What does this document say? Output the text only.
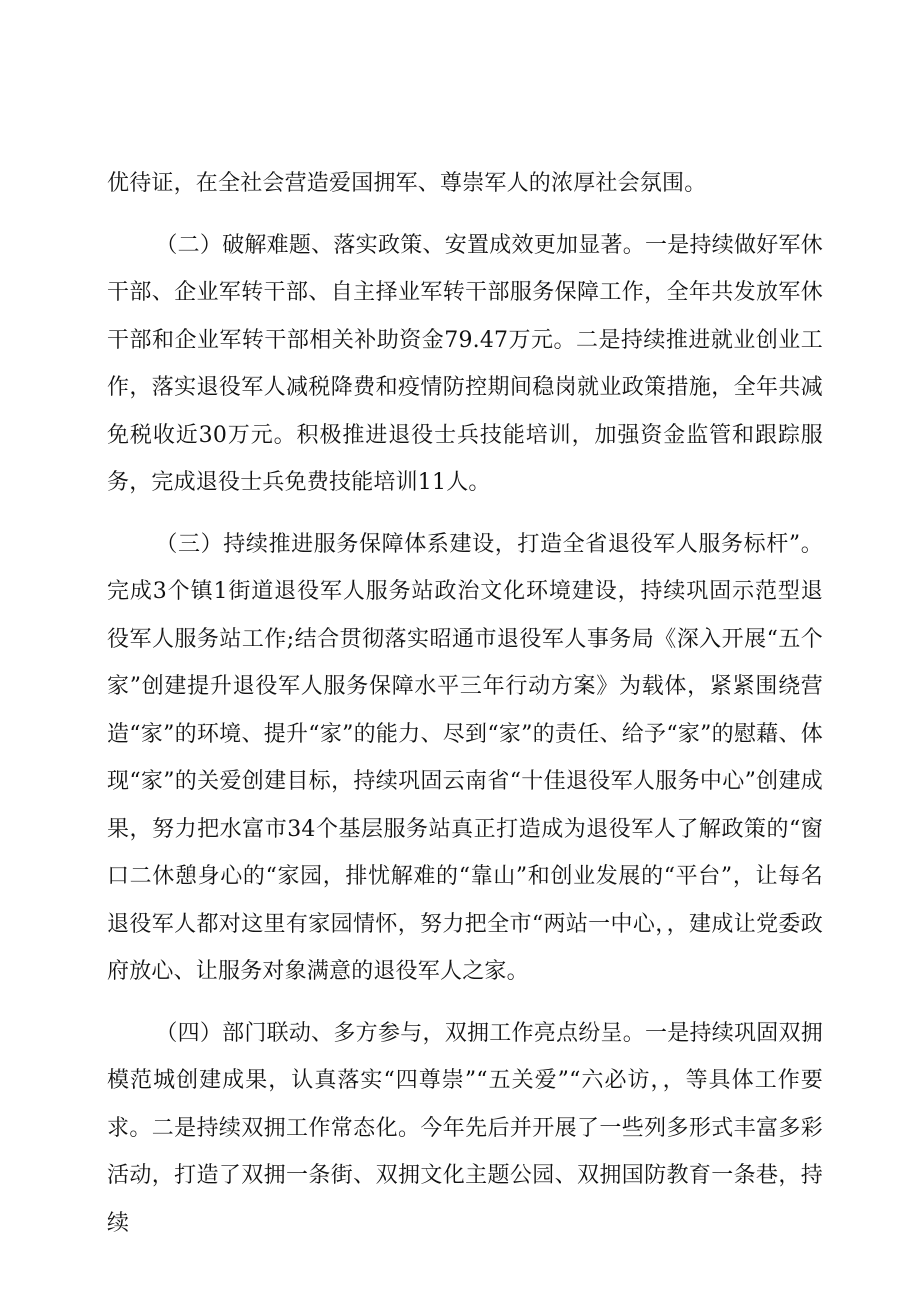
优待证，在全社会营造爱国拥军、尊崇军人的浓厚社会氛围。

（二）破解难题、落实政策、安置成效更加显著。一是持续做好军休干部、企业军转干部、自主择业军转干部服务保障工作，全年共发放军休干部和企业军转干部相关补助资金79.47万元。二是持续推进就业创业工作，落实退役军人减税降费和疫情防控期间稳岗就业政策措施，全年共减免税收近30万元。积极推进退役士兵技能培训，加强资金监管和跟踪服务，完成退役士兵免费技能培训11人。

（三）持续推进服务保障体系建设，打造全省退役军人服务标杆”。完成3个镇1街道退役军人服务站政治文化环境建设，持续巩固示范型退役军人服务站工作;结合贯彻落实昭通市退役军人事务局《深入开展“五个家”创建提升退役军人服务保障水平三年行动方案》为载体，紧紧围绕营造“家”的环境、提升“家”的能力、尽到“家”的责任、给予“家”的慰藉、体现“家”的关爱创建目标，持续巩固云南省“十佳退役军人服务中心”创建成果，努力把水富市34个基层服务站真正打造成为退役军人了解政策的“窗口二休憩身心的“家园，排忧解难的“靠山”和创业发展的“平台”，让每名退役军人都对这里有家园情怀，努力把全市“两站一中心，，建成让党委政府放心、让服务对象满意的退役军人之家。

（四）部门联动、多方参与，双拥工作亮点纷呈。一是持续巩固双拥模范城创建成果，认真落实“四尊崇”“五关爱”“六必访，，等具体工作要求。二是持续双拥工作常态化。今年先后并开展了一些列多形式丰富多彩活动，打造了双拥一条街、双拥文化主题公园、双拥国防教育一条巷，持续
